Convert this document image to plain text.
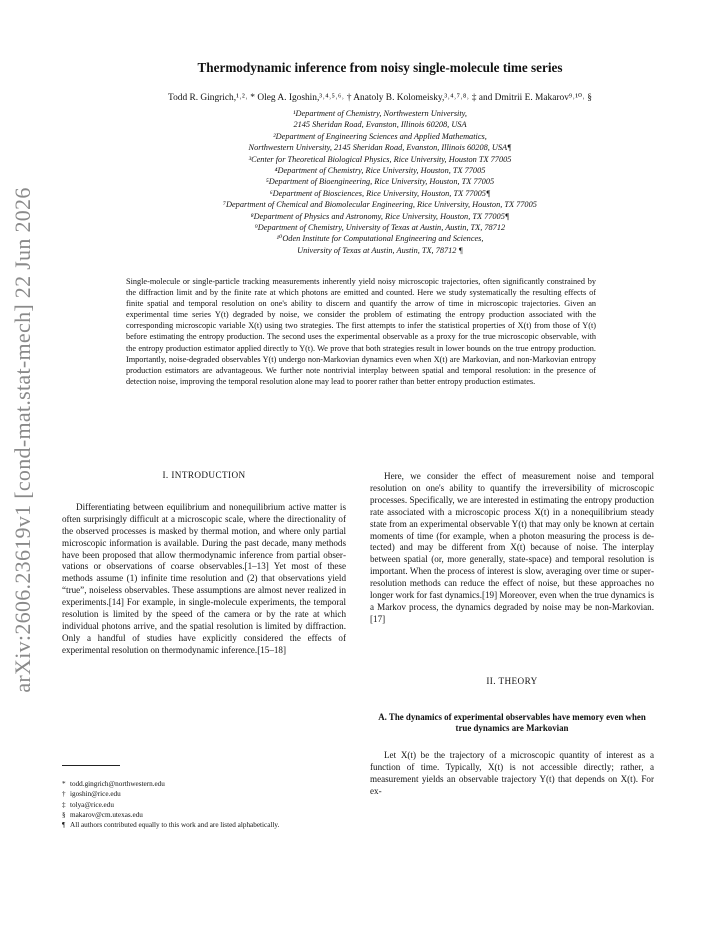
arXiv:2606.23619v1 [cond-mat.stat-mech] 22 Jun 2026
Thermodynamic inference from noisy single-molecule time series
Todd R. Gingrich,¹˒²˒ * Oleg A. Igoshin,³˒⁴˒⁵˒⁶˒ † Anatoly B. Kolomeisky,³˒⁴˒⁷˒⁸˒ ‡ and Dmitrii E. Makarov⁹˒¹⁰˒ §
¹Department of Chemistry, Northwestern University,
2145 Sheridan Road, Evanston, Illinois 60208, USA
²Department of Engineering Sciences and Applied Mathematics,
Northwestern University, 2145 Sheridan Road, Evanston, Illinois 60208, USA¶
³Center for Theoretical Biological Physics, Rice University, Houston TX 77005
⁴Department of Chemistry, Rice University, Houston, TX 77005
⁵Department of Bioengineering, Rice University, Houston, TX 77005
⁶Department of Biosciences, Rice University, Houston, TX 77005¶
⁷Department of Chemical and Biomolecular Engineering, Rice University, Houston, TX 77005
⁸Department of Physics and Astronomy, Rice University, Houston, TX 77005¶
⁹Department of Chemistry, University of Texas at Austin, Austin, TX, 78712
¹⁰Oden Institute for Computational Engineering and Sciences,
University of Texas at Austin, Austin, TX, 78712 ¶
Single-molecule or single-particle tracking measurements inherently yield noisy microscopic trajectories, often significantly constrained by the diffraction limit and by the finite rate at which photons are emitted and counted. Here we study systematically the resulting effects of finite spatial and temporal resolution on one's ability to discern and quantify the arrow of time in microscopic trajectories. Given an experimental time series Y(t) degraded by noise, we consider the problem of estimating the entropy production associated with the corresponding microscopic variable X(t) using two strategies. The first attempts to infer the statistical properties of X(t) from those of Y(t) before estimating the entropy production. The second uses the experimental observable as a proxy for the true microscopic observable, with the entropy production estimator applied directly to Y(t). We prove that both strategies result in lower bounds on the true entropy production. Importantly, noise-degraded observables Y(t) undergo non-Markovian dynamics even when X(t) are Markovian, and non-Markovian entropy production estimators are advantageous. We further note nontrivial interplay between spatial and temporal resolution: in the presence of detection noise, improving the temporal resolution alone may lead to poorer rather than better entropy production estimates.
I. INTRODUCTION

Differentiating between equilibrium and nonequilibrium active matter is often surprisingly difficult at a microscopic scale, where the directionality of the observed processes is masked by thermal motion, and where only partial microscopic information is available. During the past decade, many methods have been proposed that allow thermodynamic inference from partial observations or observations of coarse observables.[1–13] Yet most of these methods assume (1) infinite time resolution and (2) that observations yield “true”, noiseless observables. These assumptions are almost never realized in experiments.[14] For example, in single-molecule experiments, the temporal resolution is limited by the speed of the camera or by the rate at which individual photons arrive, and the spatial resolution is limited by diffraction. Only a handful of studies have explicitly considered the effects of experimental resolution on thermodynamic inference.[15–18]

Here, we consider the effect of measurement noise and temporal resolution on one's ability to quantify the irreversibility of microscopic processes. Specifically, we are interested in estimating the entropy production rate associated with a microscopic process X(t) in a nonequilibrium steady state from an experimental observable Y(t) that may only be known at certain moments of time (for example, when a photon measuring the process is detected) and may be different from X(t) because of noise. The interplay between spatial (or, more generally, state-space) and temporal resolution is important. When the process of interest is slow, averaging over time or superresolution methods can reduce the effect of noise, but these approaches no longer work for fast dynamics.[19] Moreover, even when the true dynamics is a Markov process, the dynamics degraded by noise may be non-Markovian.[17]

II. THEORY
A. The dynamics of experimental observables have memory even when true dynamics are Markovian

Let X(t) be the trajectory of a microscopic quantity of interest as a function of time. Typically, X(t) is not accessible directly; rather, a measurement yields an observable trajectory Y(t) that depends on X(t). For ex-

* todd.gingrich@northwestern.edu

† igoshin@rice.edu

‡ tolya@rice.edu

§ makarov@cm.utexas.edu

¶ All authors contributed equally to this work and are listed alphabetically.
